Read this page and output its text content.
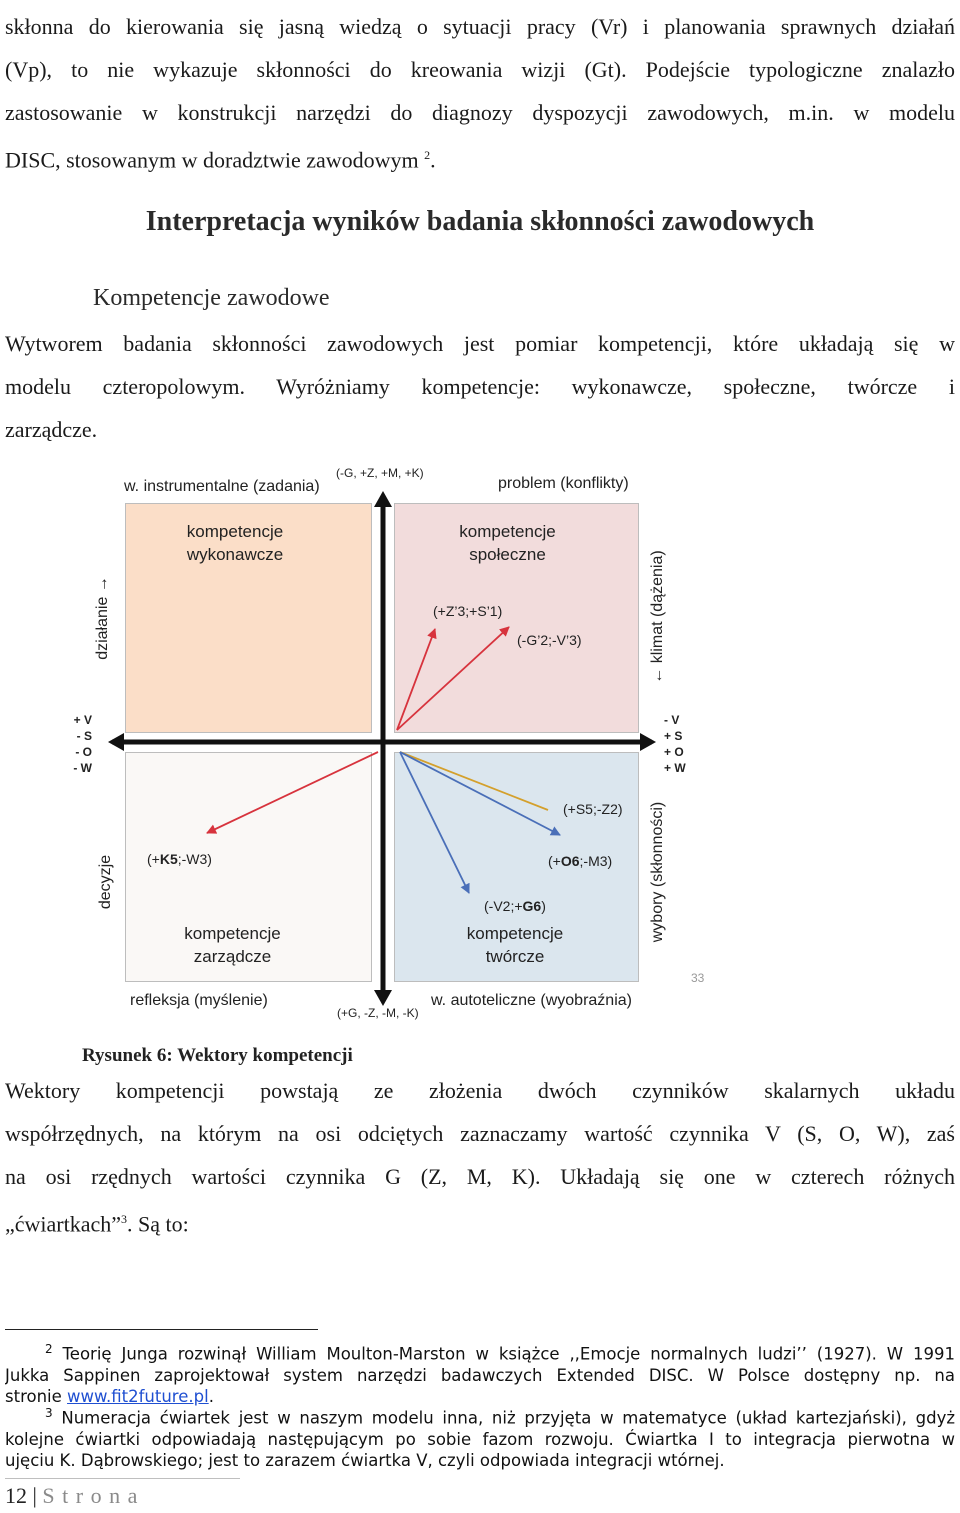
skłonna do kierowania się jasną wiedzą o sytuacji pracy (Vr) i planowania sprawnych działań
(Vp), to nie wykazuje skłonności do kreowania wizji (Gt). Podejście typologiczne znalazło
zastosowanie w konstrukcji narzędzi do diagnozy dyspozycji zawodowych, m.in. w modelu
DISC, stosowanym w doradztwie zawodowym $^2$.
Interpretacja wyników badania skłonności zawodowych
Kompetencje zawodowe
Wytworem badania skłonności zawodowych jest pomiar kompetencji, które układają się w
modelu czteropolowym. Wyróżniamy kompetencje: wykonawcze, społeczne, twórcze i
zarządcze.
w. instrumentalne (zadania)
(-G, +Z, +M, +K)
problem (konflikty)
kompetencje
wykonawcze
kompetencje
społeczne
kompetencje
zarządcze
kompetencje
twórcze
(+Z’3;+S’1)
(-G’2;-V’3)
(+K5;-W3)
(+S5;-Z2)
(+O6;-M3)
(-V2;+G6)
+ V
- S
- O
- W
- V
+ S
+ O
+ W
działanie →
decyzje
← klimat (dążenia)
wybory (skłonności)
refleksja (myślenie)
(+G, -Z, -M, -K)
w. autoteliczne (wyobraźnia)
33
Rysunek 6: Wektory kompetencji
Wektory kompetencji powstają ze złożenia dwóch czynników skalarnych układu
współrzędnych, na którym na osi odciętych zaznaczamy wartość czynnika V (S, O, W), zaś
na osi rzędnych wartości czynnika G (Z, M, K). Układają się one w czterech różnych
„ćwiartkach”$^3$. Są to:
$^2$ Teorię Junga rozwinął William Moulton-Marston w książce ,,Emocje normalnych ludzi’’ (1927). W 1991
Jukka Sappinen zaprojektował system narzędzi badawczych Extended DISC. W Polsce dostępny np. na
stronie www.fit2future.pl.
$^3$ Numeracja ćwiartek jest w naszym modelu inna, niż przyjęta w matematyce (układ kartezjański), gdyż
kolejne ćwiartki odpowiadają następującym po sobie fazom rozwoju. Ćwiartka I to integracja pierwotna w
ujęciu K. Dąbrowskiego; jest to zarazem ćwiartka V, czyli odpowiada integracji wtórnej.
12 | S t r o n a
